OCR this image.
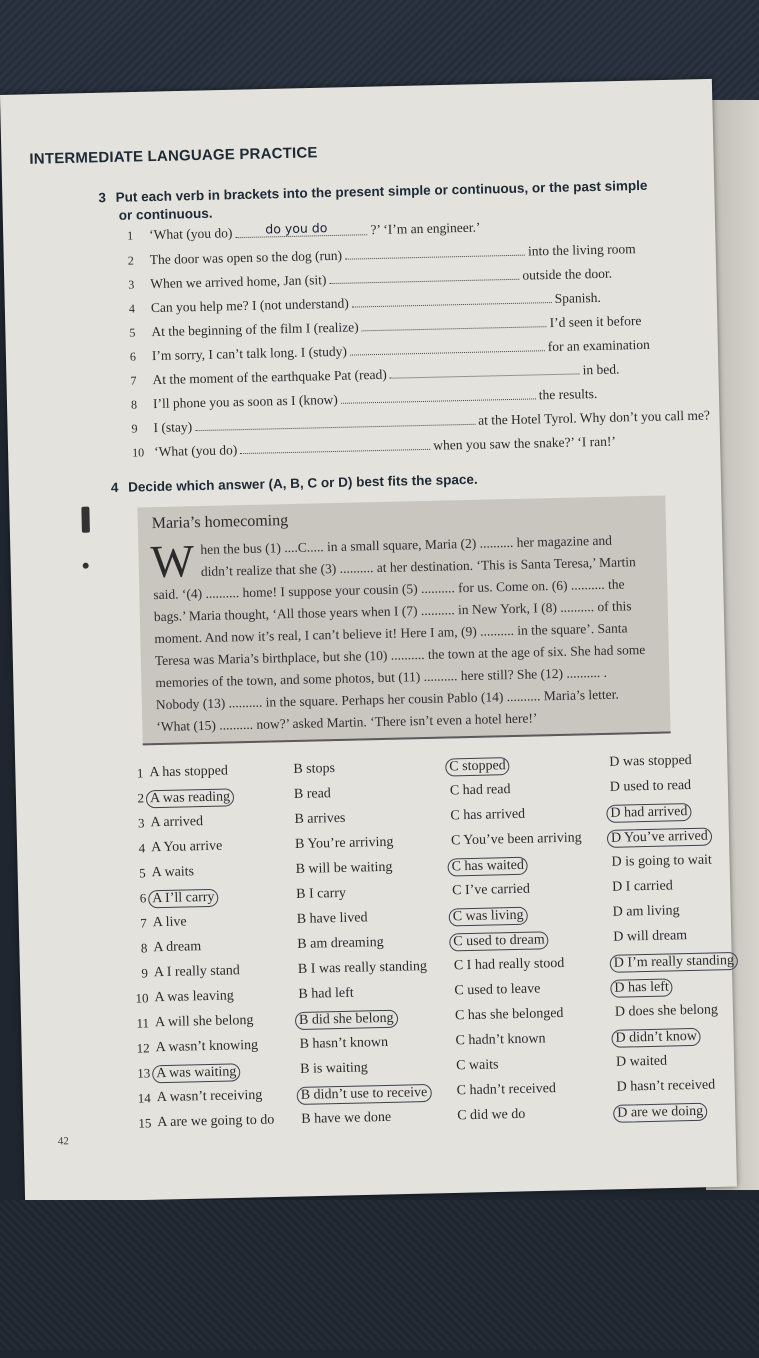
INTERMEDIATE LANGUAGE PRACTICE
3 Put each verb in brackets into the present simple or continuous, or the past simple
or continuous.
1 ‘What (you do)	do you do	?’ ‘I’m an engineer.’
2 The door was open so the dog (run)	into the living room
3 When we arrived home, Jan (sit)	outside the door.
4 Can you help me? I (not understand)	Spanish.
5 At the beginning of the film I (realize)	I’d seen it before
6 I’m sorry, I can’t talk long. I (study)	for an examination
7 At the moment of the earthquake Pat (read)	in bed.
8 I’ll phone you as soon as I (know)	the results.
9 I (stay)	at the Hotel Tyrol. Why don’t you call me?
10 ‘What (you do)	when you saw the snake?’ ‘I ran!’
4 Decide which answer (A, B, C or D) best fits the space.
Maria’s homecoming
W hen the bus (1) ....C..... in a small square, Maria (2) .......... her magazine and
didn’t realize that she (3) .......... at her destination. ‘This is Santa Teresa,’ Martin
said. ‘(4) .......... home! I suppose your cousin (5) .......... for us. Come on. (6) .......... the
bags.’ Maria thought, ‘All those years when I (7) .......... in New York, I (8) .......... of this
moment. And now it’s real, I can’t believe it! Here I am, (9) .......... in the square’. Santa
Teresa was Maria’s birthplace, but she (10) .......... the town at the age of six. She had some
memories of the town, and some photos, but (11) .......... here still? She (12) .......... .
Nobody (13) .......... in the square. Perhaps her cousin Pablo (14) .......... Maria’s letter.
‘What (15) .......... now?’ asked Martin. ‘There isn’t even a hotel here!’
1 A has stopped	B stops	C stopped	D was stopped
2 A was reading	B read	C had read	D used to read
3 A arrived	B arrives	C has arrived	D had arrived
4 A You arrive	B You’re arriving	C You’ve been arriving D You’ve arrived
5 A waits	B will be waiting	C has waited	D is going to wait
6 A I’ll carry	B I carry	C I’ve carried	D I carried
7 A live	B have lived	C was living	D am living
8 A dream	B am dreaming	C used to dream	D will dream
9 A I really stand	B I was really standing C I had really stood	D I’m really standing
10 A was leaving	B had left	C used to leave	D has left
11 A will she belong	B did she belong	C has she belonged	D does she belong
12 A wasn’t knowing	B hasn’t known	C hadn’t known	D didn’t know
13 A was waiting	B is waiting	C waits	D waited
14 A wasn’t receiving	B didn’t use to receive C hadn’t received	D hasn’t received
15 A are we going to do B have we done	C did we do	D are we doing
42
